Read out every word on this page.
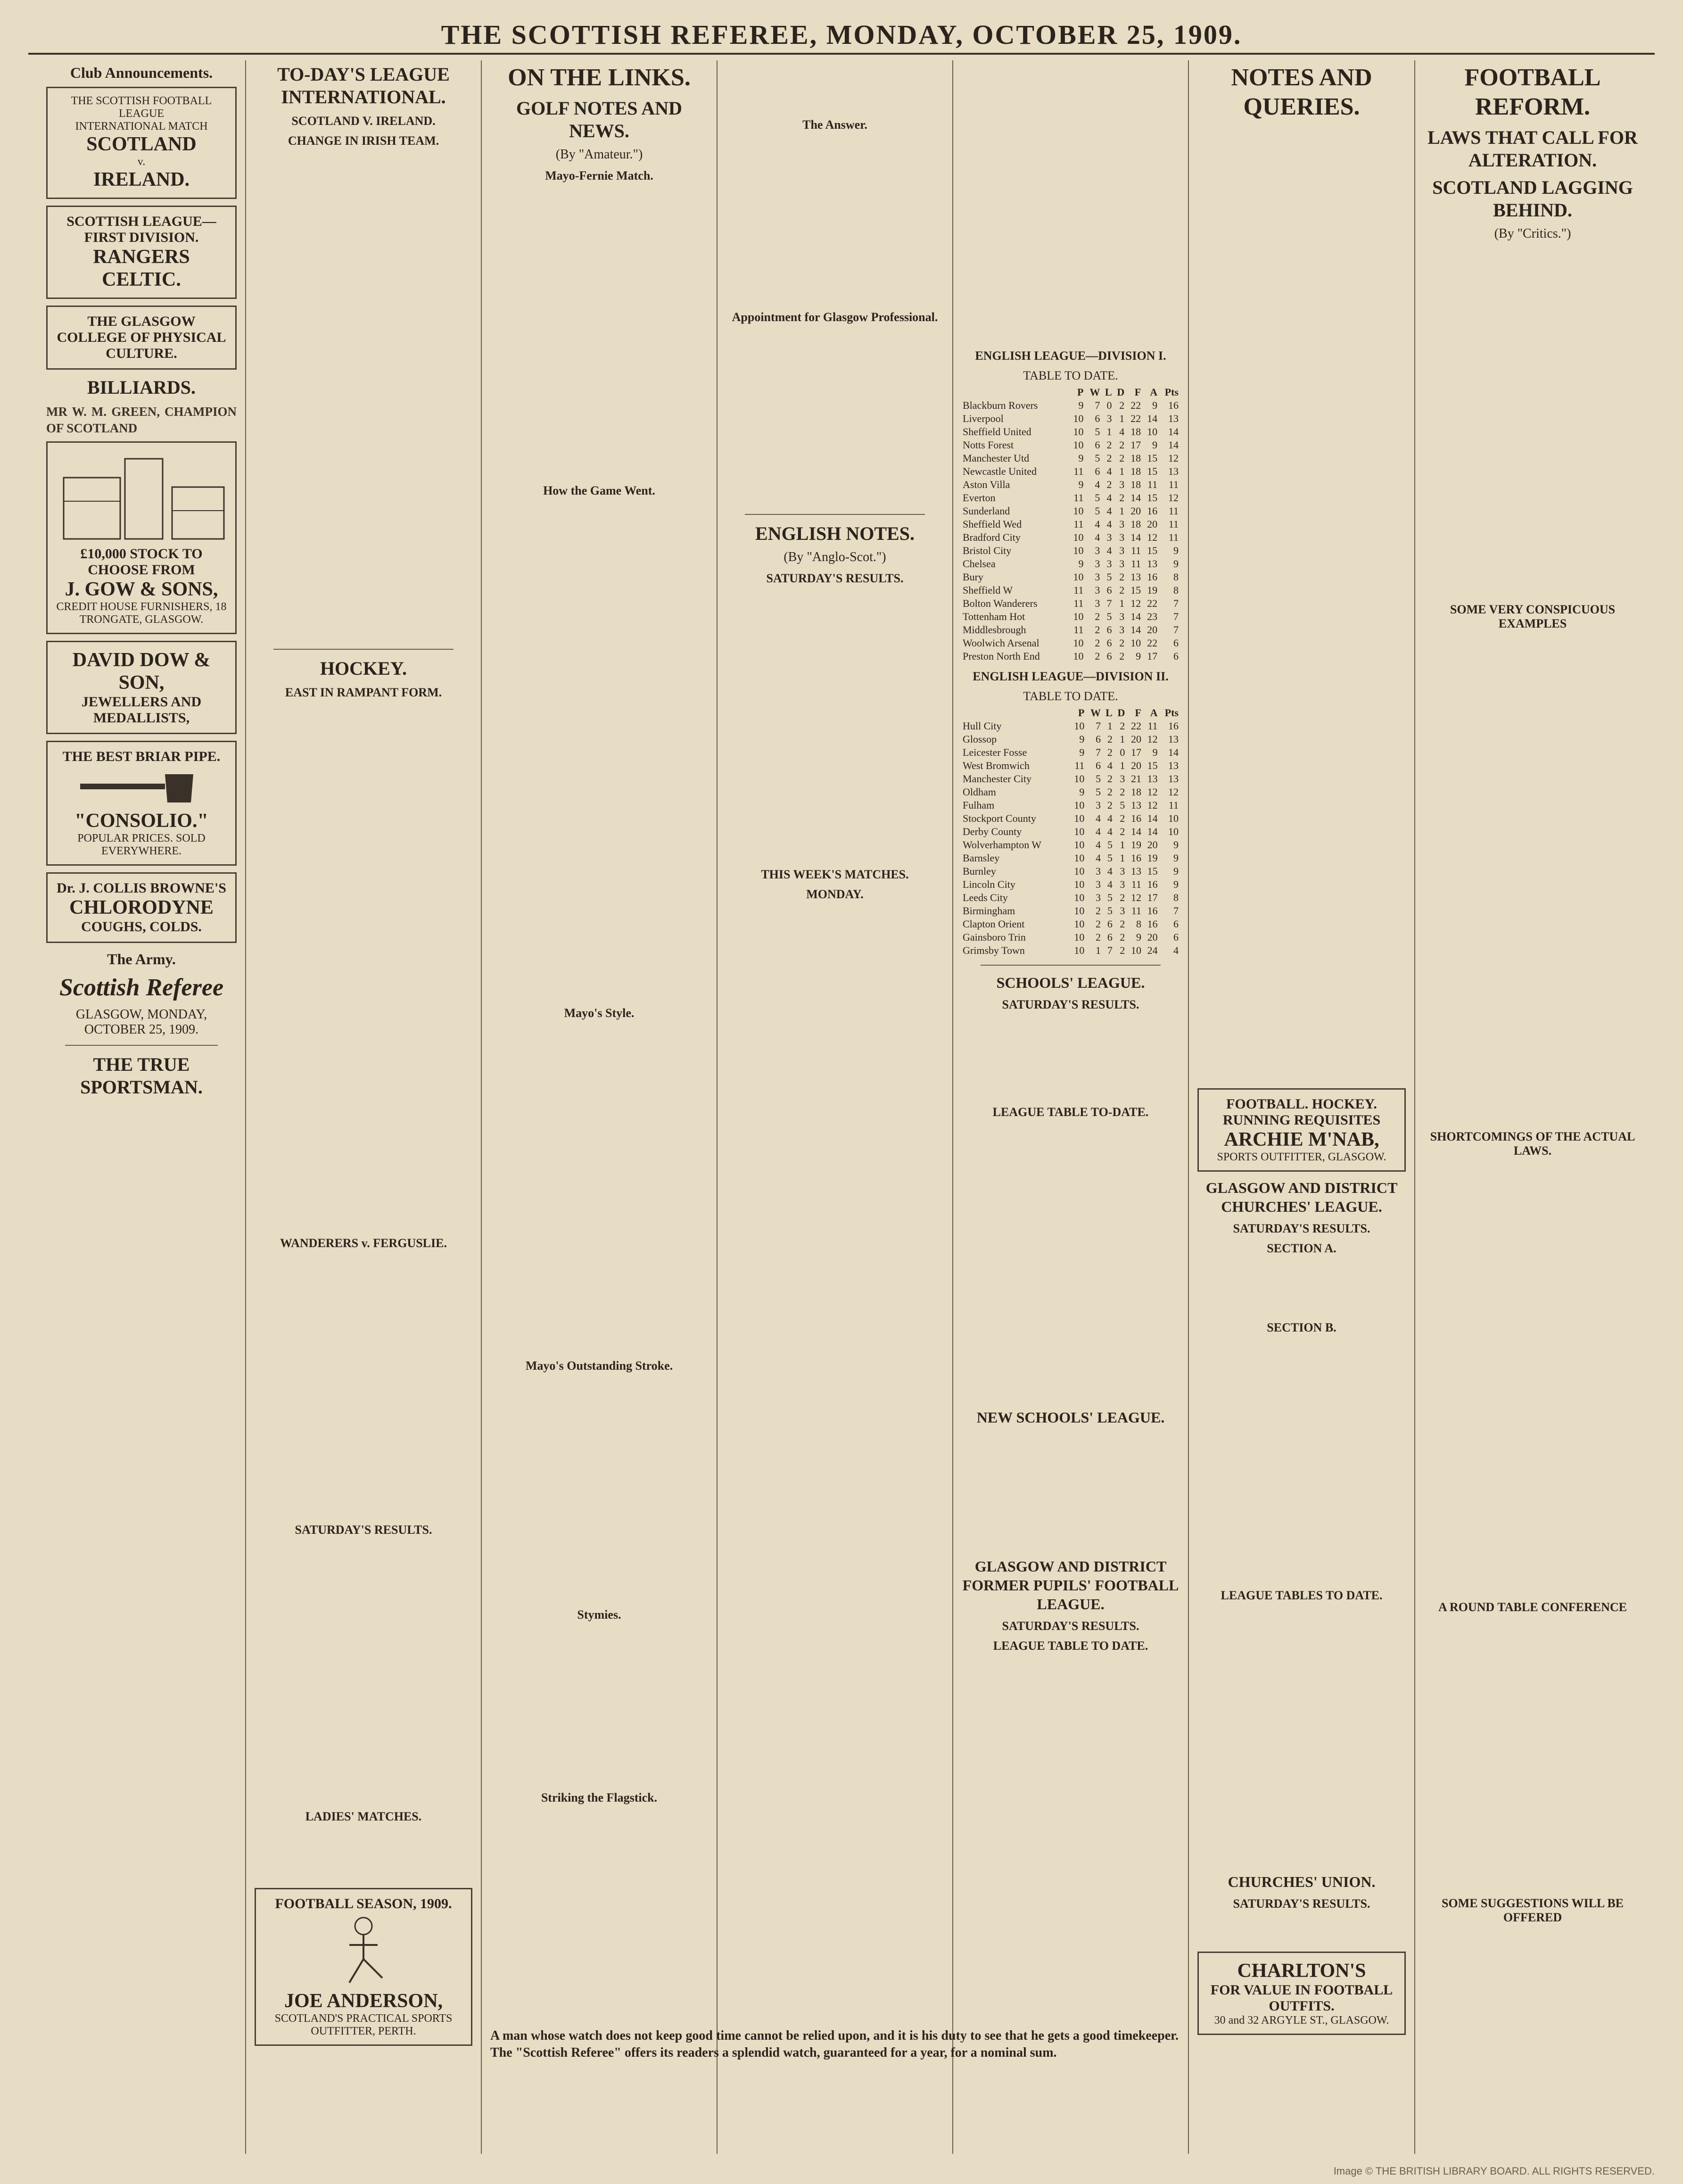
THE SCOTTISH REFEREE, MONDAY, OCTOBER 25, 1909.
Club Announcements.
THE SCOTTISH FOOTBALL LEAGUE
INTERNATIONAL MATCH
SCOTLAND
v.
IRELAND.
SCOTTISH LEAGUE—FIRST DIVISION.
RANGERS
CELTIC.
THE GLASGOW COLLEGE OF PHYSICAL CULTURE.
BILLIARDS.

MR W. M. GREEN, CHAMPION OF SCOTLAND

£10,000 STOCK TO CHOOSE FROM
J. GOW & SONS,
CREDIT HOUSE FURNISHERS, 18 TRONGATE, GLASGOW.
DAVID DOW & SON,
JEWELLERS AND MEDALLISTS,
THE BEST BRIAR PIPE.
"CONSOLIO."
POPULAR PRICES. SOLD EVERYWHERE.
Dr. J. COLLIS BROWNE'S
CHLORODYNE
COUGHS, COLDS.
The Army.
Scottish Referee
GLASGOW, MONDAY, OCTOBER 25, 1909.
THE TRUE SPORTSMAN.

TO-DAY'S LEAGUE INTERNATIONAL.
SCOTLAND V. IRELAND.
CHANGE IN IRISH TEAM.
HOCKEY.
EAST IN RAMPANT FORM.
WANDERERS v. FERGUSLIE.
SATURDAY'S RESULTS.
LADIES' MATCHES.
FOOTBALL SEASON, 1909.
JOE ANDERSON,
SCOTLAND'S PRACTICAL SPORTS OUTFITTER, PERTH.
ON THE LINKS.
GOLF NOTES AND NEWS.
(By "Amateur.")
Mayo-Fernie Match.
How the Game Went.
Mayo's Style.
Mayo's Outstanding Stroke.
Stymies.
Striking the Flagstick.
The Answer.
Appointment for Glasgow Professional.
ENGLISH NOTES.
(By "Anglo-Scot.")
SATURDAY'S RESULTS.
THIS WEEK'S MATCHES.
MONDAY.
ENGLISH LEAGUE—DIVISION I.
TABLE TO DATE.
	P	W	L	D	F	A	Pts
Blackburn Rovers	9	7	0	2	22	9	16
Liverpool	10	6	3	1	22	14	13
Sheffield United	10	5	1	4	18	10	14
Notts Forest	10	6	2	2	17	9	14
Manchester Utd	9	5	2	2	18	15	12
Newcastle United	11	6	4	1	18	15	13
Aston Villa	9	4	2	3	18	11	11
Everton	11	5	4	2	14	15	12
Sunderland	10	5	4	1	20	16	11
Sheffield Wed	11	4	4	3	18	20	11
Bradford City	10	4	3	3	14	12	11
Bristol City	10	3	4	3	11	15	9
Chelsea	9	3	3	3	11	13	9
Bury	10	3	5	2	13	16	8
Sheffield W	11	3	6	2	15	19	8
Bolton Wanderers	11	3	7	1	12	22	7
Tottenham Hot	10	2	5	3	14	23	7
Middlesbrough	11	2	6	3	14	20	7
Woolwich Arsenal	10	2	6	2	10	22	6
Preston North End	10	2	6	2	9	17	6
ENGLISH LEAGUE—DIVISION II.
TABLE TO DATE.
	P	W	L	D	F	A	Pts
Hull City	10	7	1	2	22	11	16
Glossop	9	6	2	1	20	12	13
Leicester Fosse	9	7	2	0	17	9	14
West Bromwich	11	6	4	1	20	15	13
Manchester City	10	5	2	3	21	13	13
Oldham	9	5	2	2	18	12	12
Fulham	10	3	2	5	13	12	11
Stockport County	10	4	4	2	16	14	10
Derby County	10	4	4	2	14	14	10
Wolverhampton W	10	4	5	1	19	20	9
Barnsley	10	4	5	1	16	19	9
Burnley	10	3	4	3	13	15	9
Lincoln City	10	3	4	3	11	16	9
Leeds City	10	3	5	2	12	17	8
Birmingham	10	2	5	3	11	16	7
Clapton Orient	10	2	6	2	8	16	6
Gainsboro Trin	10	2	6	2	9	20	6
Grimsby Town	10	1	7	2	10	24	4
SCHOOLS' LEAGUE.
SATURDAY'S RESULTS.
LEAGUE TABLE TO-DATE.
NEW SCHOOLS' LEAGUE.
GLASGOW AND DISTRICT FORMER PUPILS' FOOTBALL LEAGUE.
SATURDAY'S RESULTS.
LEAGUE TABLE TO DATE.
NOTES AND QUERIES.
FOOTBALL. HOCKEY.
RUNNING REQUISITES
ARCHIE M'NAB,
SPORTS OUTFITTER, GLASGOW.
GLASGOW AND DISTRICT CHURCHES' LEAGUE.
SATURDAY'S RESULTS.
SECTION A.
SECTION B.
LEAGUE TABLES TO DATE.
CHURCHES' UNION.
SATURDAY'S RESULTS.
CHARLTON'S
FOR VALUE IN FOOTBALL OUTFITS.
30 and 32 ARGYLE ST., GLASGOW.
FOOTBALL REFORM.
LAWS THAT CALL FOR ALTERATION.
SCOTLAND LAGGING BEHIND.
(By "Critics.")
SOME VERY CONSPICUOUS EXAMPLES
SHORTCOMINGS OF THE ACTUAL LAWS.
A ROUND TABLE CONFERENCE
SOME SUGGESTIONS WILL BE OFFERED
A man whose watch does not keep good time cannot be relied upon, and it is his duty to see that he gets a good timekeeper. The "Scottish Referee" offers its readers a splendid watch, guaranteed for a year, for a nominal sum.
Image © THE BRITISH LIBRARY BOARD. ALL RIGHTS RESERVED.
